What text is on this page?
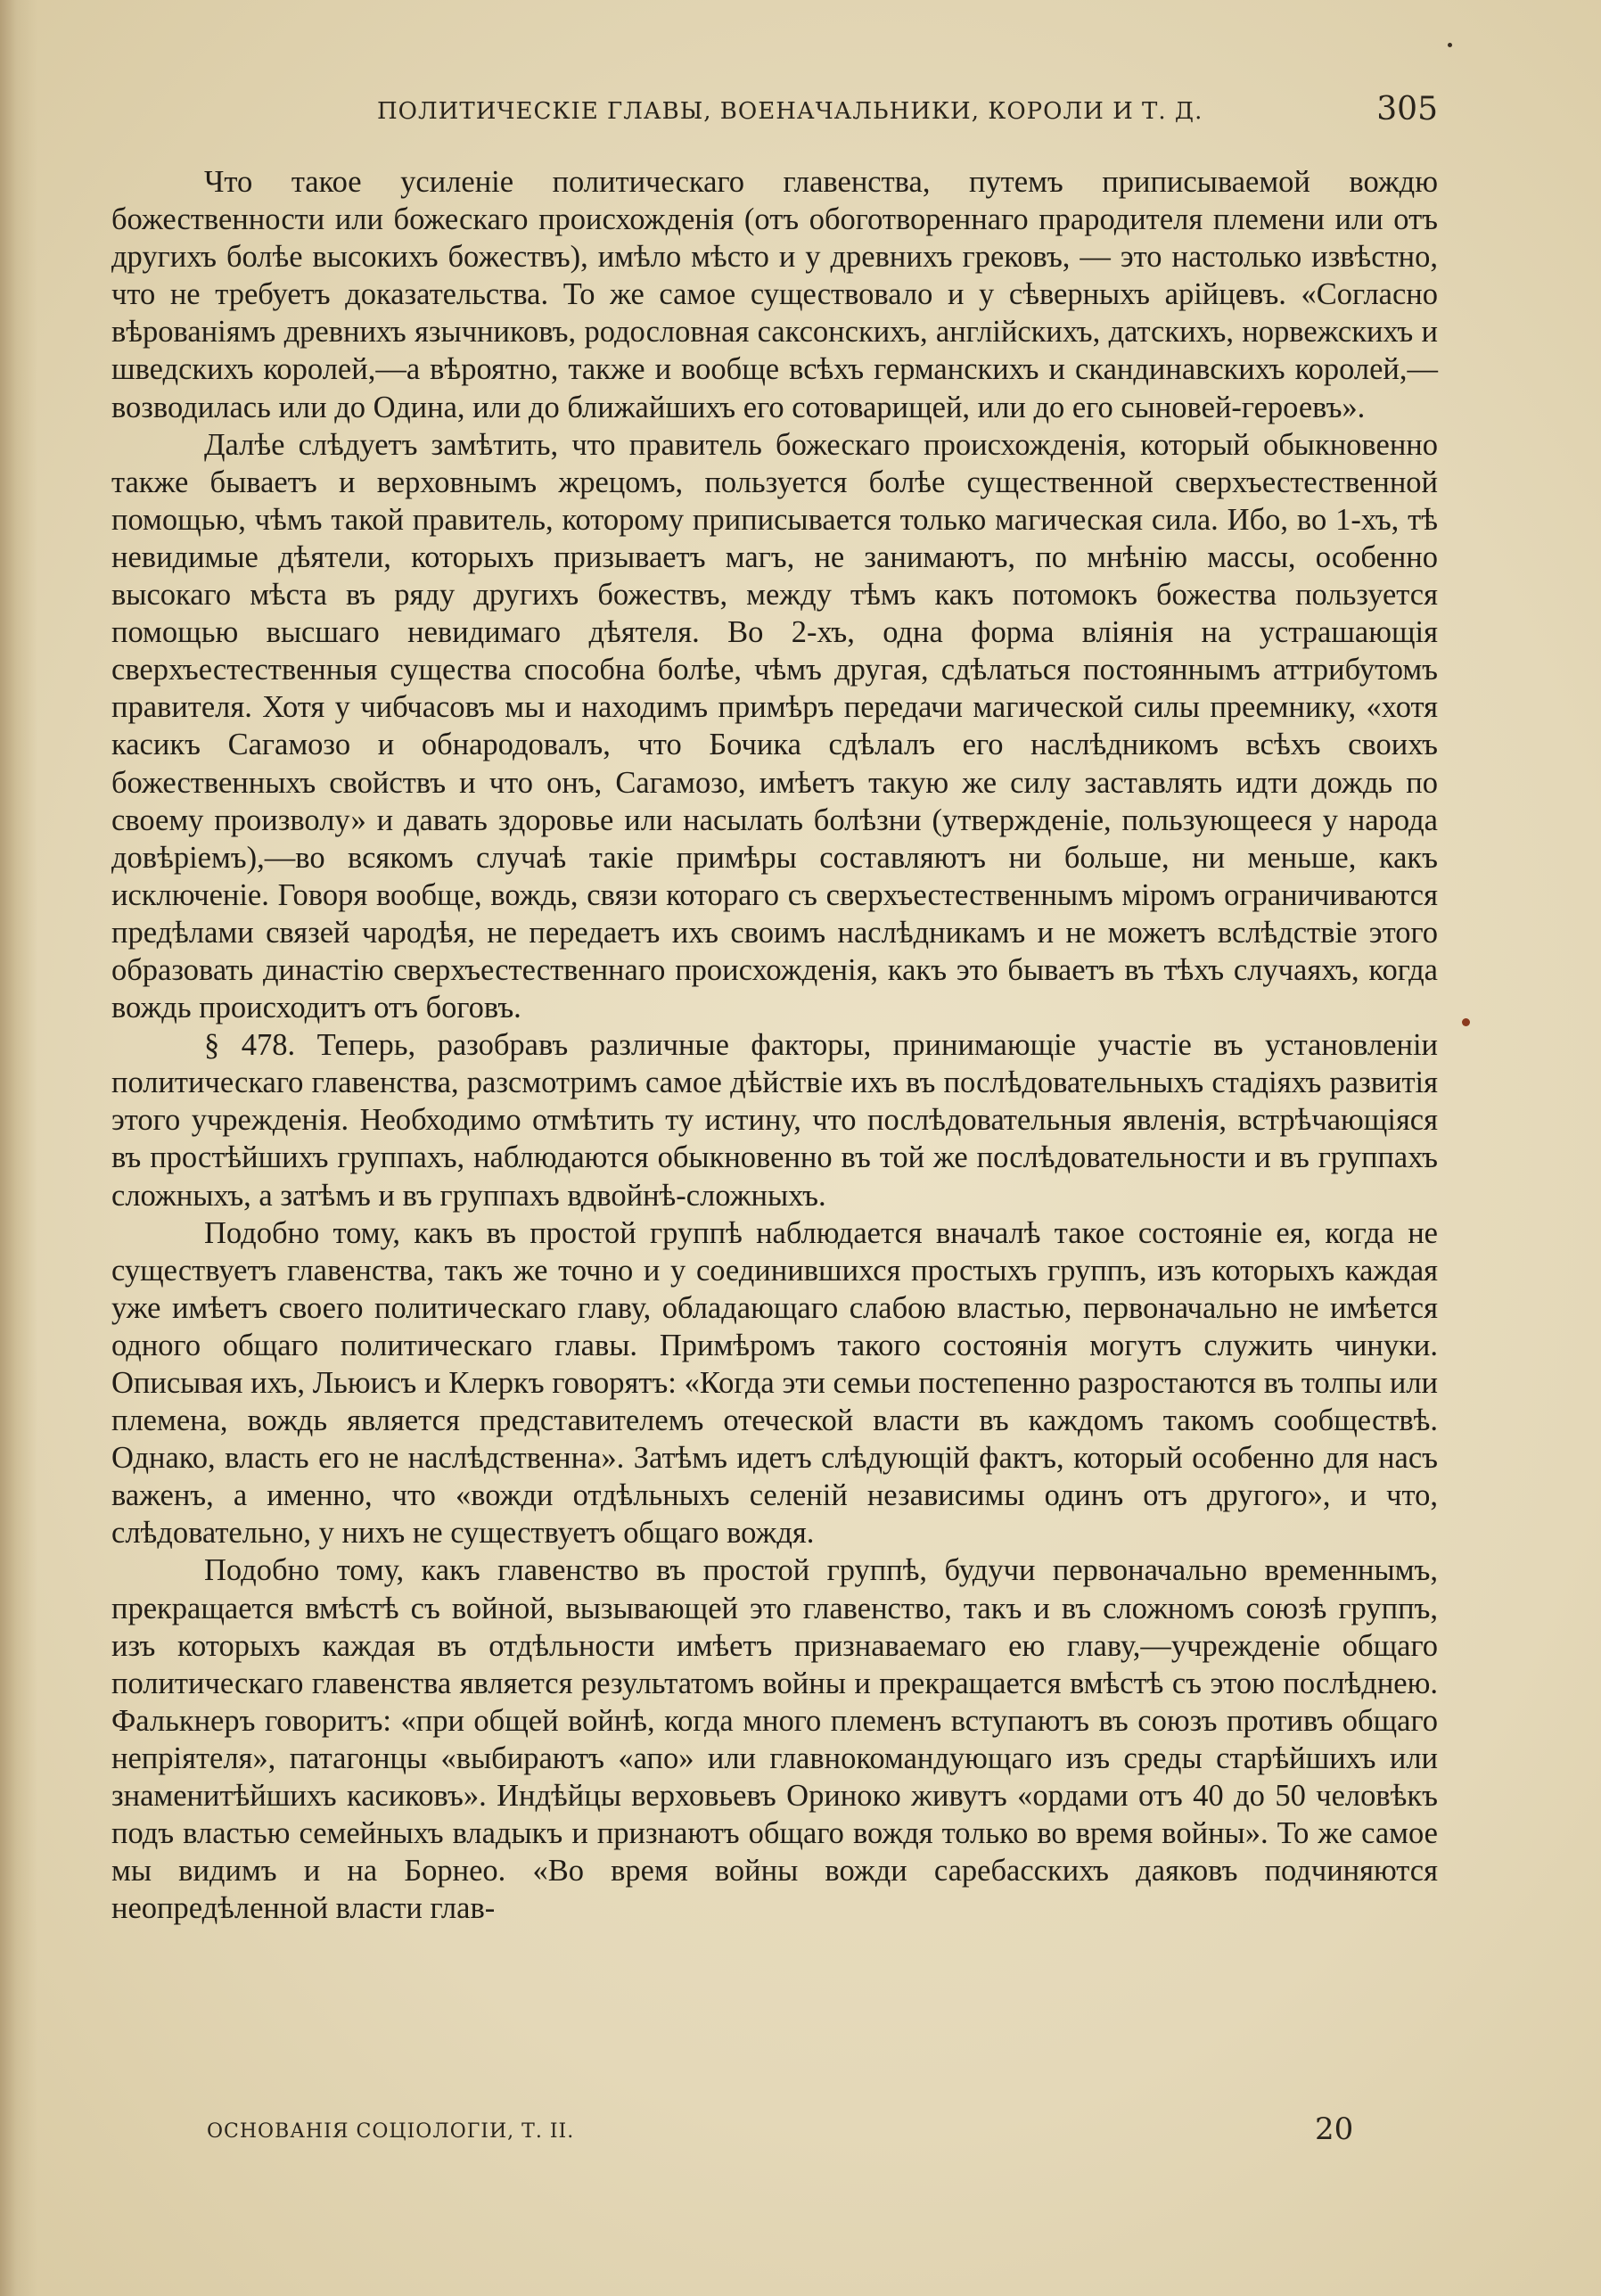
ПОЛИТИЧЕСКІЕ ГЛАВЫ, ВОЕНАЧАЛЬНИКИ, КОРОЛИ И Т. Д.	305

Что такое усиленіе политическаго главенства, путемъ приписываемой вождю божественности или божескаго происхожденія (отъ обоготвореннаго прародителя племени или отъ другихъ болѣе высокихъ божествъ), имѣло мѣсто и у древнихъ грековъ, — это настолько извѣстно, что не требуетъ доказательства. То же самое существовало и у сѣверныхъ арійцевъ. «Согласно вѣрованіямъ древнихъ язычниковъ, родословная саксонскихъ, англійскихъ, датскихъ, норвежскихъ и шведскихъ королей,—а вѣроятно, также и вообще всѣхъ германскихъ и скандинавскихъ королей,—возводилась или до Одина, или до ближайшихъ его сотоварищей, или до его сыновей-героевъ».

Далѣе слѣдуетъ замѣтить, что правитель божескаго происхожденія, который обыкновенно также бываетъ и верховнымъ жрецомъ, пользуется болѣе существенной сверхъестественной помощью, чѣмъ такой правитель, которому приписывается только магическая сила. Ибо, во 1-хъ, тѣ невидимые дѣятели, которыхъ призываетъ магъ, не занимаютъ, по мнѣнію массы, особенно высокаго мѣста въ ряду другихъ божествъ, между тѣмъ какъ потомокъ божества пользуется помощью высшаго невидимаго дѣятеля. Во 2-хъ, одна форма вліянія на устрашающія сверхъестественныя существа способна болѣе, чѣмъ другая, сдѣлаться постояннымъ аттрибутомъ правителя. Хотя у чибчасовъ мы и находимъ примѣръ передачи магической силы преемнику, «хотя касикъ Сагамозо и обнародовалъ, что Бочика сдѣлалъ его наслѣдникомъ всѣхъ своихъ божественныхъ свойствъ и что онъ, Сагамозо, имѣетъ такую же силу заставлять идти дождь по своему произволу» и давать здоровье или насылать болѣзни (утвержденіе, пользующееся у народа довѣріемъ),—во всякомъ случаѣ такіе примѣры составляютъ ни больше, ни меньше, какъ исключеніе. Говоря вообще, вождь, связи котораго съ сверхъестественнымъ міромъ ограничиваются предѣлами связей чародѣя, не передаетъ ихъ своимъ наслѣдникамъ и не можетъ вслѣдствіе этого образовать династію сверхъестественнаго происхожденія, какъ это бываетъ въ тѣхъ случаяхъ, когда вождь происходитъ отъ боговъ.

§ 478. Теперь, разобравъ различные факторы, принимающіе участіе въ установленіи политическаго главенства, разсмотримъ самое дѣйствіе ихъ въ послѣдовательныхъ стадіяхъ развитія этого учрежденія. Необходимо отмѣтить ту истину, что послѣдовательныя явленія, встрѣчающіяся въ простѣйшихъ группахъ, наблюдаются обыкновенно въ той же послѣдовательности и въ группахъ сложныхъ, а затѣмъ и въ группахъ вдвойнѣ-сложныхъ.

Подобно тому, какъ въ простой группѣ наблюдается вначалѣ такое состояніе ея, когда не существуетъ главенства, такъ же точно и у соединившихся простыхъ группъ, изъ которыхъ каждая уже имѣетъ своего политическаго главу, обладающаго слабою властью, первоначально не имѣется одного общаго политическаго главы. Примѣромъ такого состоянія могутъ служить чинуки. Описывая ихъ, Льюисъ и Клеркъ говорятъ: «Когда эти семьи постепенно разростаются въ толпы или племена, вождь является представителемъ отеческой власти въ каждомъ такомъ сообществѣ. Однако, власть его не наслѣдственна». Затѣмъ идетъ слѣдующій фактъ, который особенно для насъ важенъ, а именно, что «вожди отдѣльныхъ селеній независимы одинъ отъ другого», и что, слѣдовательно, у нихъ не существуетъ общаго вождя.

Подобно тому, какъ главенство въ простой группѣ, будучи первоначально временнымъ, прекращается вмѣстѣ съ войной, вызывающей это главенство, такъ и въ сложномъ союзѣ группъ, изъ которыхъ каждая въ отдѣльности имѣетъ признаваемаго ею главу,—учрежденіе общаго политическаго главенства является результатомъ войны и прекращается вмѣстѣ съ этою послѣднею. Фалькнеръ говоритъ: «при общей войнѣ, когда много племенъ вступаютъ въ союзъ противъ общаго непріятеля», патагонцы «выбираютъ «апо» или главнокомандующаго изъ среды старѣйшихъ или знаменитѣйшихъ касиковъ». Индѣйцы верховьевъ Ориноко живутъ «ордами отъ 40 до 50 человѣкъ подъ властью семейныхъ владыкъ и признаютъ общаго вождя только во время войны». То же самое мы видимъ и на Борнео. «Во время войны вожди саребасскихъ даяковъ подчиняются неопредѣленной власти глав-

ОСНОВАНІЯ СОЦІОЛОГІИ, Т. II.	20
